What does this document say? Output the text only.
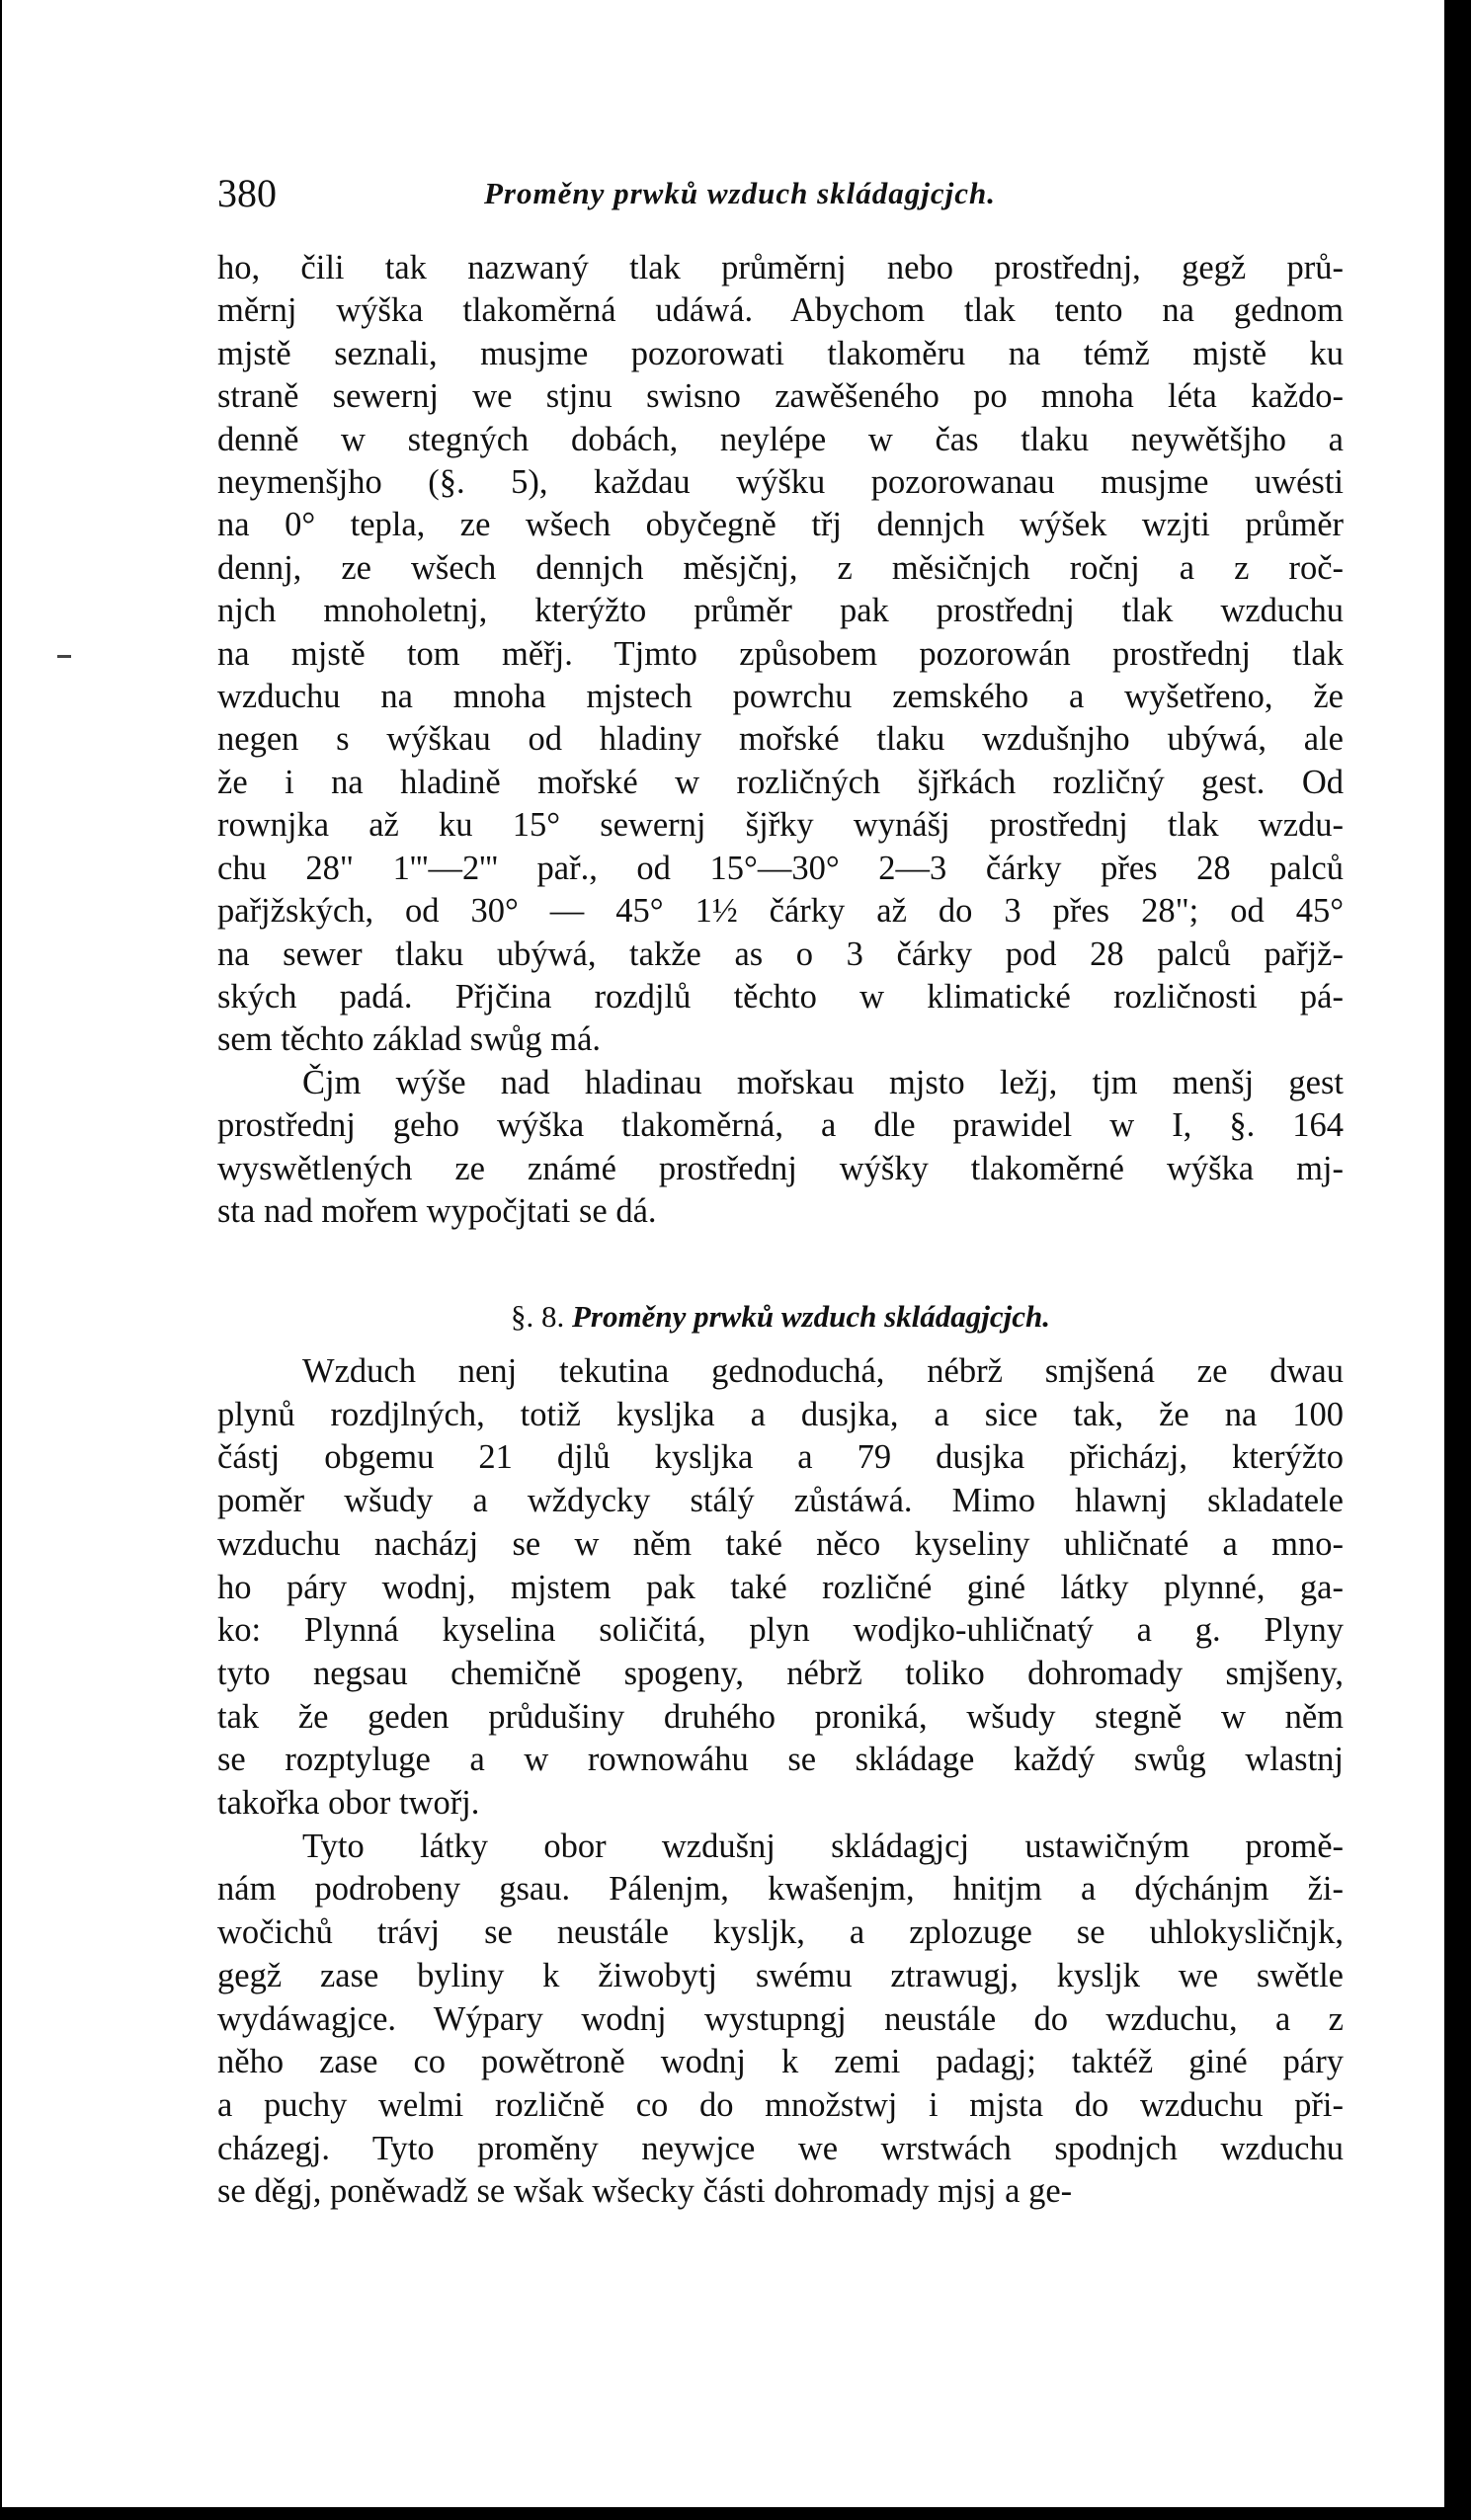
380	Proměny prwků wzduch skládagjcjch.

ho, čili tak nazwaný tlak průměrnj nebo prostřednj, gegž prů-

měrnj wýška tlakoměrná udáwá. Abychom tlak tento na gednom

mjstě seznali, musjme pozorowati tlakoměru na témž mjstě ku

straně sewernj we stjnu swisno zawěšeného po mnoha léta každo-

denně w stegných dobách, neylépe w čas tlaku neywětšjho a

neymenšjho (§. 5), každau wýšku pozorowanau musjme uwésti

na 0° tepla, ze wšech obyčegně třj dennjch wýšek wzjti průměr

dennj, ze wšech dennjch měsjčnj, z měsičnjch ročnj a z roč-

njch mnoholetnj, kterýžto průměr pak prostřednj tlak wzduchu

na mjstě tom měřj. Tjmto způsobem pozorowán prostřednj tlak

wzduchu na mnoha mjstech powrchu zemského a wyšetřeno, že

negen s wýškau od hladiny mořské tlaku wzdušnjho ubýwá, ale

že i na hladině mořské w rozličných šjřkách rozličný gest. Od

rownjka až ku 15° sewernj šjřky wynášj prostřednj tlak wzdu-

chu 28" 1'''—2''' pař., od 15°—30° 2—3 čárky přes 28 palců

pařjžských, od 30° — 45° 1½ čárky až do 3 přes 28"; od 45°

na sewer tlaku ubýwá, takže as o 3 čárky pod 28 palců pařjž-

ských padá. Přjčina rozdjlů těchto w klimatické rozličnosti pá-

sem těchto základ swůg má.

Čjm wýše nad hladinau mořskau mjsto ležj, tjm menšj gest

prostřednj geho wýška tlakoměrná, a dle prawidel w I, §. 164

wyswětlených ze známé prostřednj wýšky tlakoměrné wýška mj-

sta nad mořem wypočjtati se dá.

§. 8. Proměny prwků wzduch skládagjcjch.

Wzduch nenj tekutina gednoduchá, nébrž smjšená ze dwau

plynů rozdjlných, totiž kyslјka a dusjka, a sice tak, že na 100

částj obgemu 21 djlů kysljka a 79 dusjka přicházj, kterýžto

poměr wšudy a wždycky stálý zůstáwá. Mimo hlawnj skladatele

wzduchu nacházj se w něm také něco kyseliny uhličnaté a mno-

ho páry wodnj, mjstem pak také rozličné giné látky plynné, ga-

ko: Plynná kyselina soličitá, plyn wodjko-uhličnatý a g. Plyny

tyto negsau chemičně spogeny, nébrž toliko dohromady smjšeny,

tak že geden průdušiny druhého proniká, wšudy stegně w něm

se rozptyluge a w rownowáhu se skládage každý swůg wlastnj

takořka obor twořj.

Tyto látky obor wzdušnj skládagjcj ustawičným promě-

nám podrobeny gsau. Pálenjm, kwašenjm, hnitjm a dýchánjm ži-

wočichů trávj se neustále kysljk, a zplozuge se uhlokysličnjk,

gegž zase byliny k žiwobytj swému ztrawugj, kysljk we swětle

wydáwagjce. Wýpary wodnj wystupngj neustále do wzduchu, a z

něho zase co powětroně wodnj k zemi padagj; taktéž giné páry

a puchy welmi rozličně co do množstwj i mjsta do wzduchu při-

cházegj. Tyto proměny neywjce we wrstwách spodnjch wzduchu

se děgj, poněwadž se wšak wšecky části dohromady mjsj a ge-
